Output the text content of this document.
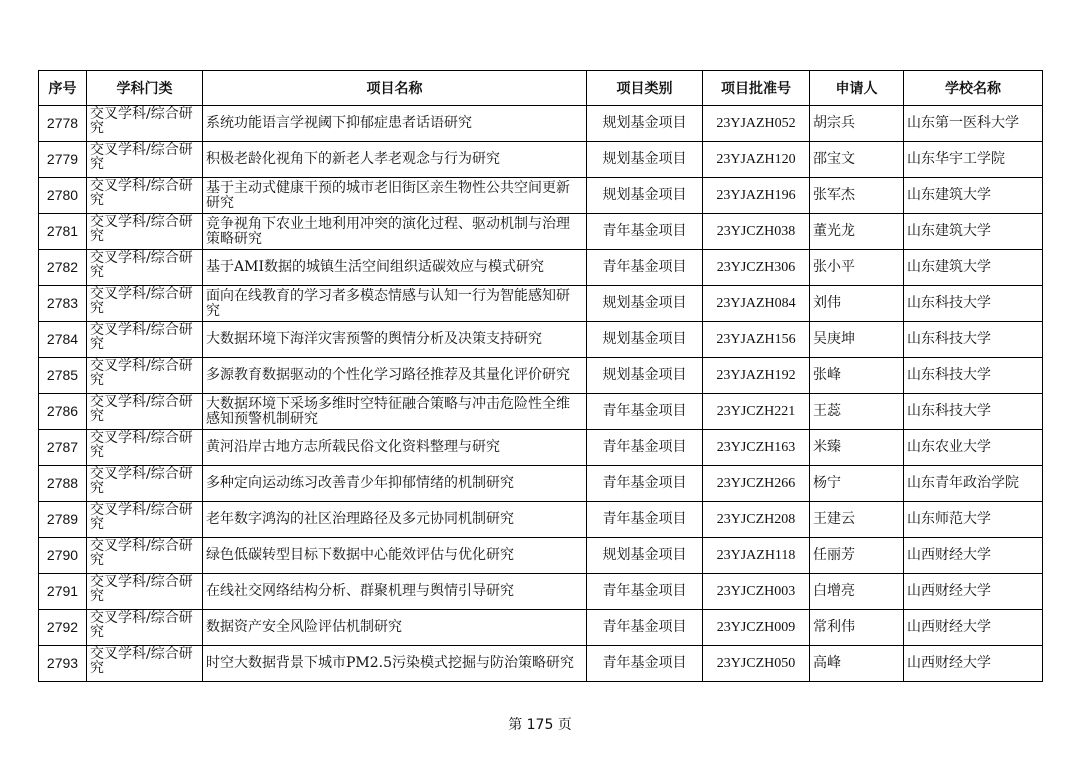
序号	学科门类	项目名称	项目类别	项目批准号	申请人	学校名称
2778	交叉学科/综合研究	系统功能语言学视阈下抑郁症患者话语研究	规划基金项目	23YJAZH052	胡宗兵	山东第一医科大学
2779	交叉学科/综合研究	积极老龄化视角下的新老人孝老观念与行为研究	规划基金项目	23YJAZH120	邵宝文	山东华宇工学院
2780	交叉学科/综合研究	基于主动式健康干预的城市老旧街区亲生物性公共空间更新研究	规划基金项目	23YJAZH196	张军杰	山东建筑大学
2781	交叉学科/综合研究	竞争视角下农业土地利用冲突的演化过程、驱动机制与治理策略研究	青年基金项目	23YJCZH038	董光龙	山东建筑大学
2782	交叉学科/综合研究	基于AMI数据的城镇生活空间组织适碳效应与模式研究	青年基金项目	23YJCZH306	张小平	山东建筑大学
2783	交叉学科/综合研究	面向在线教育的学习者多模态情感与认知一行为智能感知研究	规划基金项目	23YJAZH084	刘伟	山东科技大学
2784	交叉学科/综合研究	大数据环境下海洋灾害预警的舆情分析及决策支持研究	规划基金项目	23YJAZH156	吴庚坤	山东科技大学
2785	交叉学科/综合研究	多源教育数据驱动的个性化学习路径推荐及其量化评价研究	规划基金项目	23YJAZH192	张峰	山东科技大学
2786	交叉学科/综合研究	大数据环境下采场多维时空特征融合策略与冲击危险性全维感知预警机制研究	青年基金项目	23YJCZH221	王蕊	山东科技大学
2787	交叉学科/综合研究	黄河沿岸古地方志所载民俗文化资料整理与研究	青年基金项目	23YJCZH163	米臻	山东农业大学
2788	交叉学科/综合研究	多种定向运动练习改善青少年抑郁情绪的机制研究	青年基金项目	23YJCZH266	杨宁	山东青年政治学院
2789	交叉学科/综合研究	老年数字鸿沟的社区治理路径及多元协同机制研究	青年基金项目	23YJCZH208	王建云	山东师范大学
2790	交叉学科/综合研究	绿色低碳转型目标下数据中心能效评估与优化研究	规划基金项目	23YJAZH118	任丽芳	山西财经大学
2791	交叉学科/综合研究	在线社交网络结构分析、群聚机理与舆情引导研究	青年基金项目	23YJCZH003	白增亮	山西财经大学
2792	交叉学科/综合研究	数据资产安全风险评估机制研究	青年基金项目	23YJCZH009	常利伟	山西财经大学
2793	交叉学科/综合研究	时空大数据背景下城市PM2.5污染模式挖掘与防治策略研究	青年基金项目	23YJCZH050	高峰	山西财经大学
第 175 页
